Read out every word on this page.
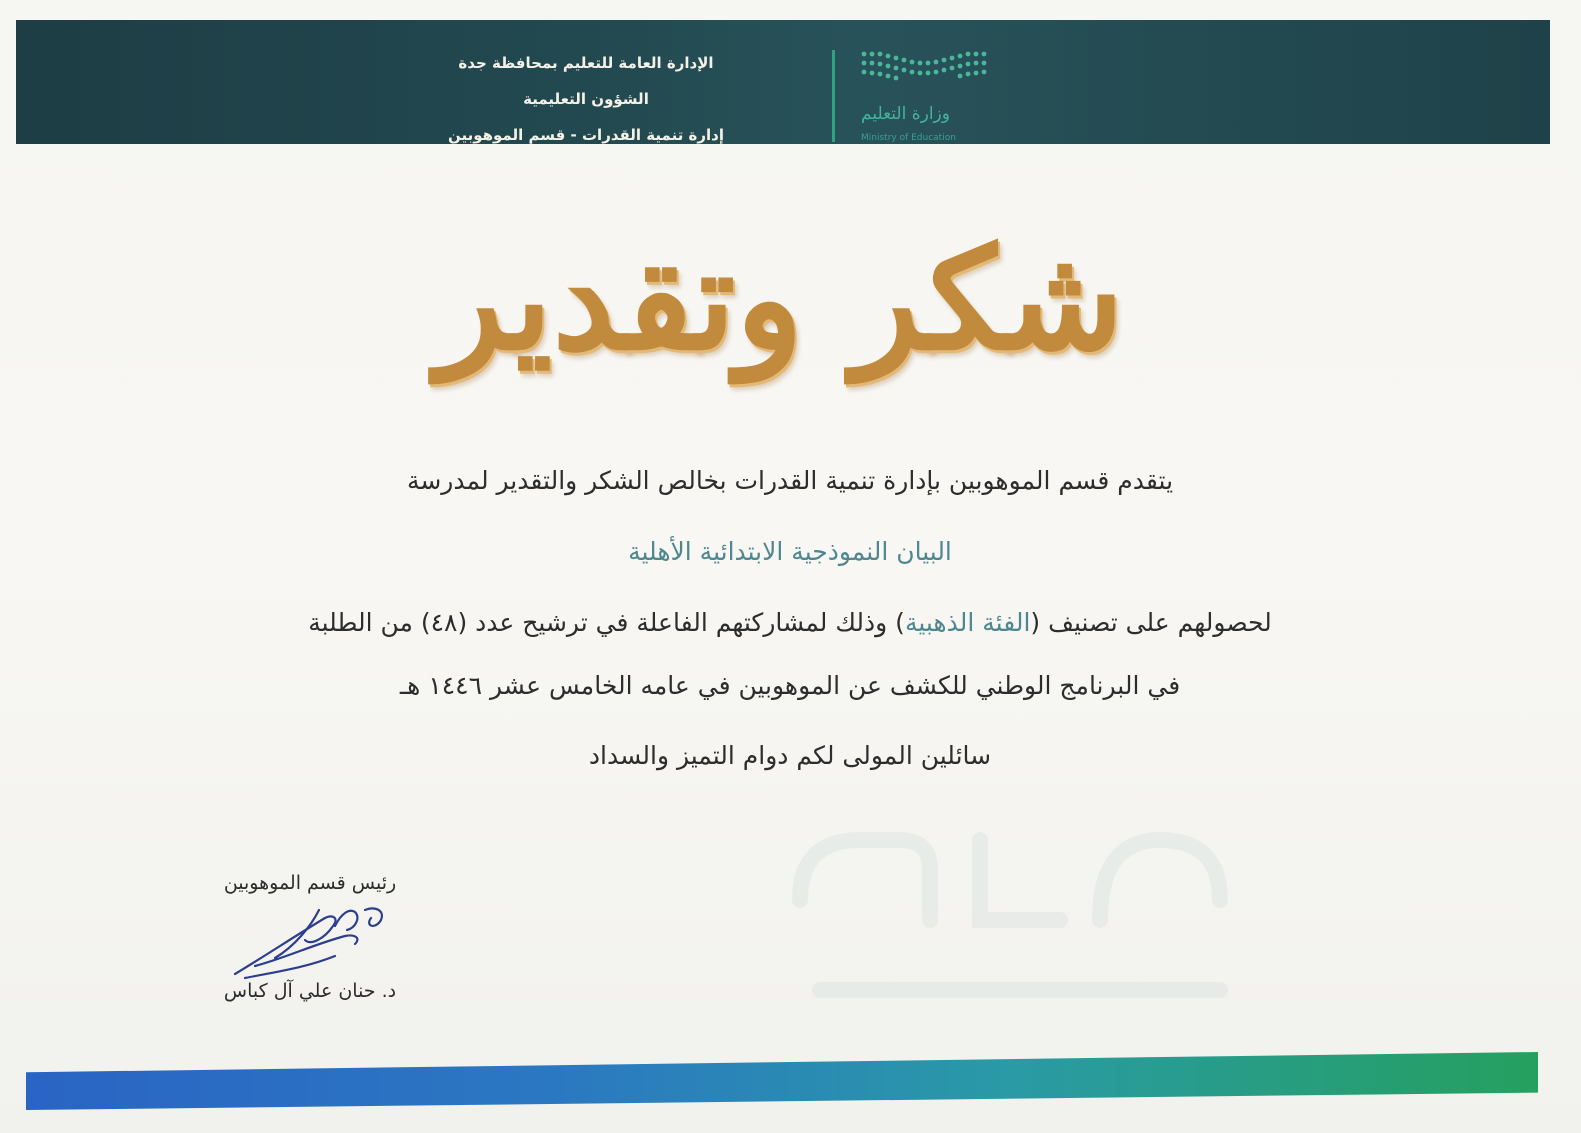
الإدارة العامة للتعليم بمحافظة جدة
الشؤون التعليمية
إدارة تنمية القدرات - قسم الموهوبين
وزارة التعليم
Ministry of Education
شكر وتقدير
يتقدم قسم الموهوبين بإدارة تنمية القدرات بخالص الشكر والتقدير لمدرسة
البيان النموذجية الابتدائية الأهلية
لحصولهم على تصنيف (الفئة الذهبية) وذلك لمشاركتهم الفاعلة في ترشيح عدد (٤٨) من الطلبة
في البرنامج الوطني للكشف عن الموهوبين في عامه الخامس عشر ١٤٤٦ هـ
سائلين المولى لكم دوام التميز والسداد
رئيس قسم الموهوبين
د. حنان علي آل كباس
